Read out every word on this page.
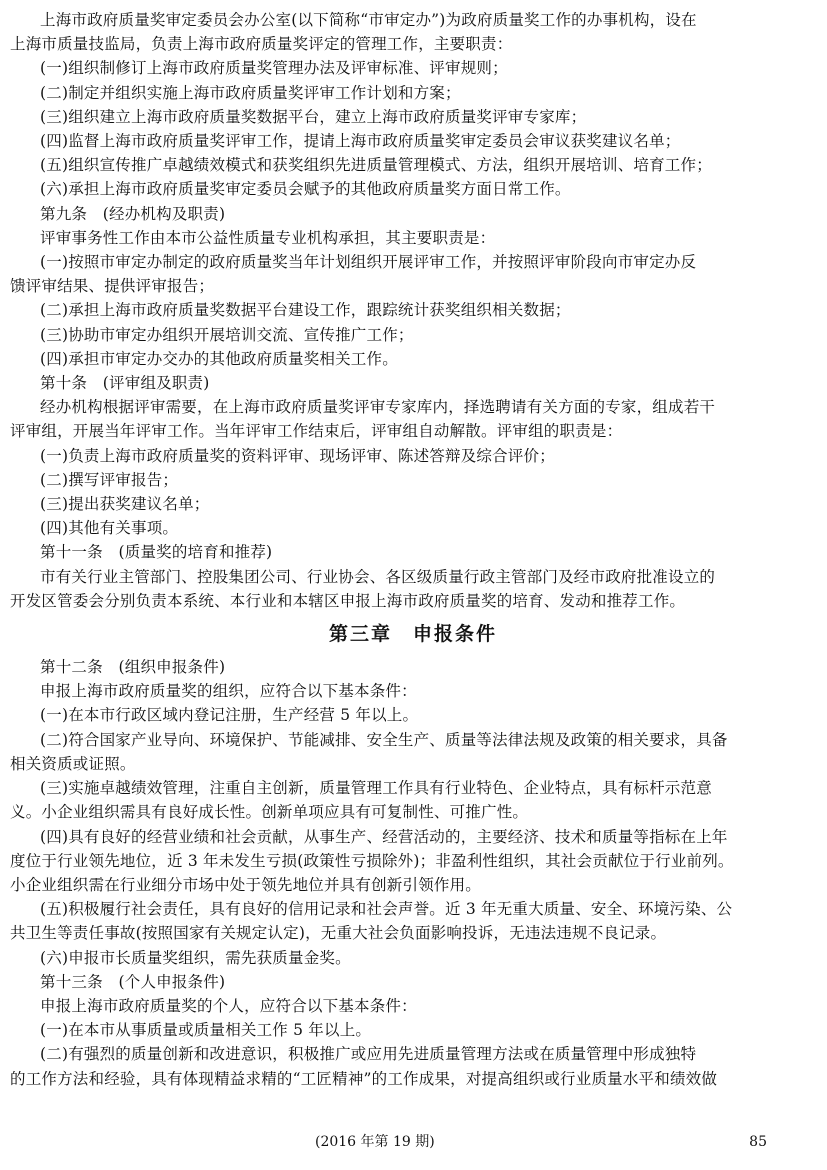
上海市政府质量奖审定委员会办公室(以下简称“市审定办”)为政府质量奖工作的办事机构，设在
上海市质量技监局，负责上海市政府质量奖评定的管理工作，主要职责：
(一)组织制修订上海市政府质量奖管理办法及评审标准、评审规则；
(二)制定并组织实施上海市政府质量奖评审工作计划和方案；
(三)组织建立上海市政府质量奖数据平台，建立上海市政府质量奖评审专家库；
(四)监督上海市政府质量奖评审工作，提请上海市政府质量奖审定委员会审议获奖建议名单；
(五)组织宣传推广卓越绩效模式和获奖组织先进质量管理模式、方法，组织开展培训、培育工作；
(六)承担上海市政府质量奖审定委员会赋予的其他政府质量奖方面日常工作。
第九条　(经办机构及职责)
评审事务性工作由本市公益性质量专业机构承担，其主要职责是：
(一)按照市审定办制定的政府质量奖当年计划组织开展评审工作，并按照评审阶段向市审定办反
馈评审结果、提供评审报告；
(二)承担上海市政府质量奖数据平台建设工作，跟踪统计获奖组织相关数据；
(三)协助市审定办组织开展培训交流、宣传推广工作；
(四)承担市审定办交办的其他政府质量奖相关工作。
第十条　(评审组及职责)
经办机构根据评审需要，在上海市政府质量奖评审专家库内，择选聘请有关方面的专家，组成若干
评审组，开展当年评审工作。当年评审工作结束后，评审组自动解散。评审组的职责是：
(一)负责上海市政府质量奖的资料评审、现场评审、陈述答辩及综合评价；
(二)撰写评审报告；
(三)提出获奖建议名单；
(四)其他有关事项。
第十一条　(质量奖的培育和推荐)
市有关行业主管部门、控股集团公司、行业协会、各区级质量行政主管部门及经市政府批准设立的
开发区管委会分别负责本系统、本行业和本辖区申报上海市政府质量奖的培育、发动和推荐工作。
第三章　申报条件
第十二条　(组织申报条件)
申报上海市政府质量奖的组织，应符合以下基本条件：
(一)在本市行政区域内登记注册，生产经营 5 年以上。
(二)符合国家产业导向、环境保护、节能减排、安全生产、质量等法律法规及政策的相关要求，具备
相关资质或证照。
(三)实施卓越绩效管理，注重自主创新，质量管理工作具有行业特色、企业特点，具有标杆示范意
义。小企业组织需具有良好成长性。创新单项应具有可复制性、可推广性。
(四)具有良好的经营业绩和社会贡献，从事生产、经营活动的，主要经济、技术和质量等指标在上年
度位于行业领先地位，近 3 年未发生亏损(政策性亏损除外)；非盈利性组织，其社会贡献位于行业前列。
小企业组织需在行业细分市场中处于领先地位并具有创新引领作用。
(五)积极履行社会责任，具有良好的信用记录和社会声誉。近 3 年无重大质量、安全、环境污染、公
共卫生等责任事故(按照国家有关规定认定)，无重大社会负面影响投诉，无违法违规不良记录。
(六)申报市长质量奖组织，需先获质量金奖。
第十三条　(个人申报条件)
申报上海市政府质量奖的个人，应符合以下基本条件：
(一)在本市从事质量或质量相关工作 5 年以上。
(二)有强烈的质量创新和改进意识，积极推广或应用先进质量管理方法或在质量管理中形成独特
的工作方法和经验，具有体现精益求精的“工匠精神”的工作成果，对提高组织或行业质量水平和绩效做
(2016 年第 19 期)	85
